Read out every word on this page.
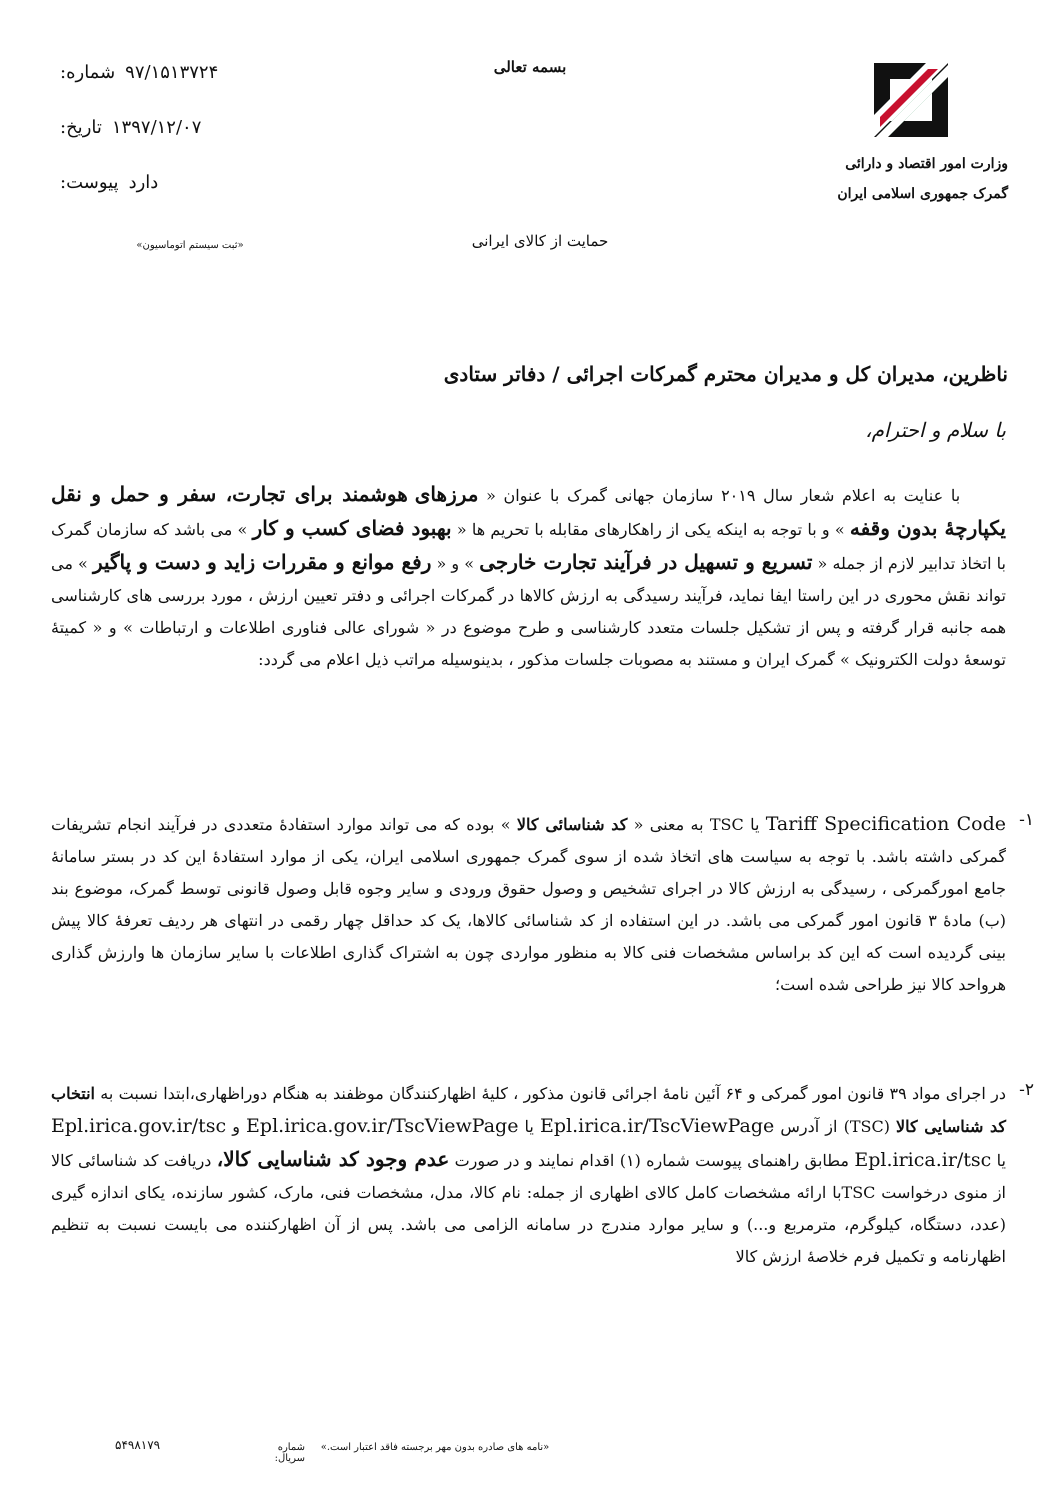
وزارت امور اقتصاد و دارائی
گمرک جمهوری اسلامی ایران
بسمه تعالی
حمایت از کالای ایرانی
شماره: ۹۷/۱۵۱۳۷۲۴
تاریخ: ۱۳۹۷/۱۲/۰۷
پیوست: دارد
«ثبت سیستم اتوماسیون»
ناظرین، مدیران کل و مدیران محترم گمرکات اجرائی / دفاتر ستادی
با سلام و احترام،
با عنایت به اعلام شعار سال ۲۰۱۹ سازمان جهانی گمرک با عنوان « مرزهای هوشمند برای تجارت، سفر و حمل و نقل یکپارچۀ بدون وقفه » و با توجه به اینکه یکی از راهکارهای مقابله با تحریم ها « بهبود فضای کسب و کار » می باشد که سازمان گمرک با اتخاذ تدابیر لازم از جمله « تسریع و تسهیل در فرآیند تجارت خارجی » و « رفع موانع و مقررات زاید و دست و پاگیر » می تواند نقش محوری در این راستا ایفا نماید، فرآیند رسیدگی به ارزش کالاها در گمرکات اجرائی و دفتر تعیین ارزش ، مورد بررسی های کارشناسی همه جانبه قرار گرفته و پس از تشکیل جلسات متعدد کارشناسی و طرح موضوع در « شورای عالی فناوری اطلاعات و ارتباطات » و « کمیتۀ توسعۀ دولت الکترونیک » گمرک ایران و مستند به مصوبات جلسات مذکور ، بدینوسیله مراتب ذیل اعلام می گردد:
-۱
Tariff Specification Code یا TSC به معنی « کد شناسائی کالا » بوده که می تواند موارد استفادۀ متعددی در فرآیند انجام تشریفات گمرکی داشته باشد. با توجه به سیاست های اتخاذ شده از سوی گمرک جمهوری اسلامی ایران، یکی از موارد استفادۀ این کد در بستر سامانۀ جامع امورگمرکی ، رسیدگی به ارزش کالا در اجرای تشخیص و وصول حقوق ورودی و سایر وجوه قابل وصول قانونی توسط گمرک، موضوع بند (ب) مادۀ ۳ قانون امور گمرکی می باشد. در این استفاده از کد شناسائی کالاها، یک کد حداقل چهار رقمی در انتهای هر ردیف تعرفۀ کالا پیش بینی گردیده است که این کد براساس مشخصات فنی کالا به منظور مواردی چون به اشتراک گذاری اطلاعات با سایر سازمان ها وارزش گذاری هرواحد کالا نیز طراحی شده است؛
-۲
در اجرای مواد ۳۹ قانون امور گمرکی و ۶۴ آئین نامۀ اجرائی قانون مذکور ، کلیۀ اظهارکنندگان موظفند به هنگام دوراظهاری،ابتدا نسبت به انتخاب کد شناسایی کالا (TSC) از آدرس Epl.irica.ir/TscViewPage یا Epl.irica.gov.ir/TscViewPage و Epl.irica.gov.ir/tsc یا Epl.irica.ir/tsc مطابق راهنمای پیوست شماره (۱) اقدام نمایند و در صورت عدم وجود کد شناسایی کالا، دریافت کد شناسائی کالا از منوی درخواست TSCبا ارائه مشخصات کامل کالای اظهاری از جمله: نام کالا، مدل، مشخصات فنی، مارک، کشور سازنده، یکای اندازه گیری (عدد، دستگاه، کیلوگرم، مترمربع و...) و سایر موارد مندرج در سامانه الزامی می باشد. پس از آن اظهارکننده می بایست نسبت به تنظیم اظهارنامه و تکمیل فرم خلاصۀ ارزش کالا
«نامه های صادره بدون مهر برجسته فاقد اعتبار است.»
شماره سریال:
۵۴۹۸۱۷۹
